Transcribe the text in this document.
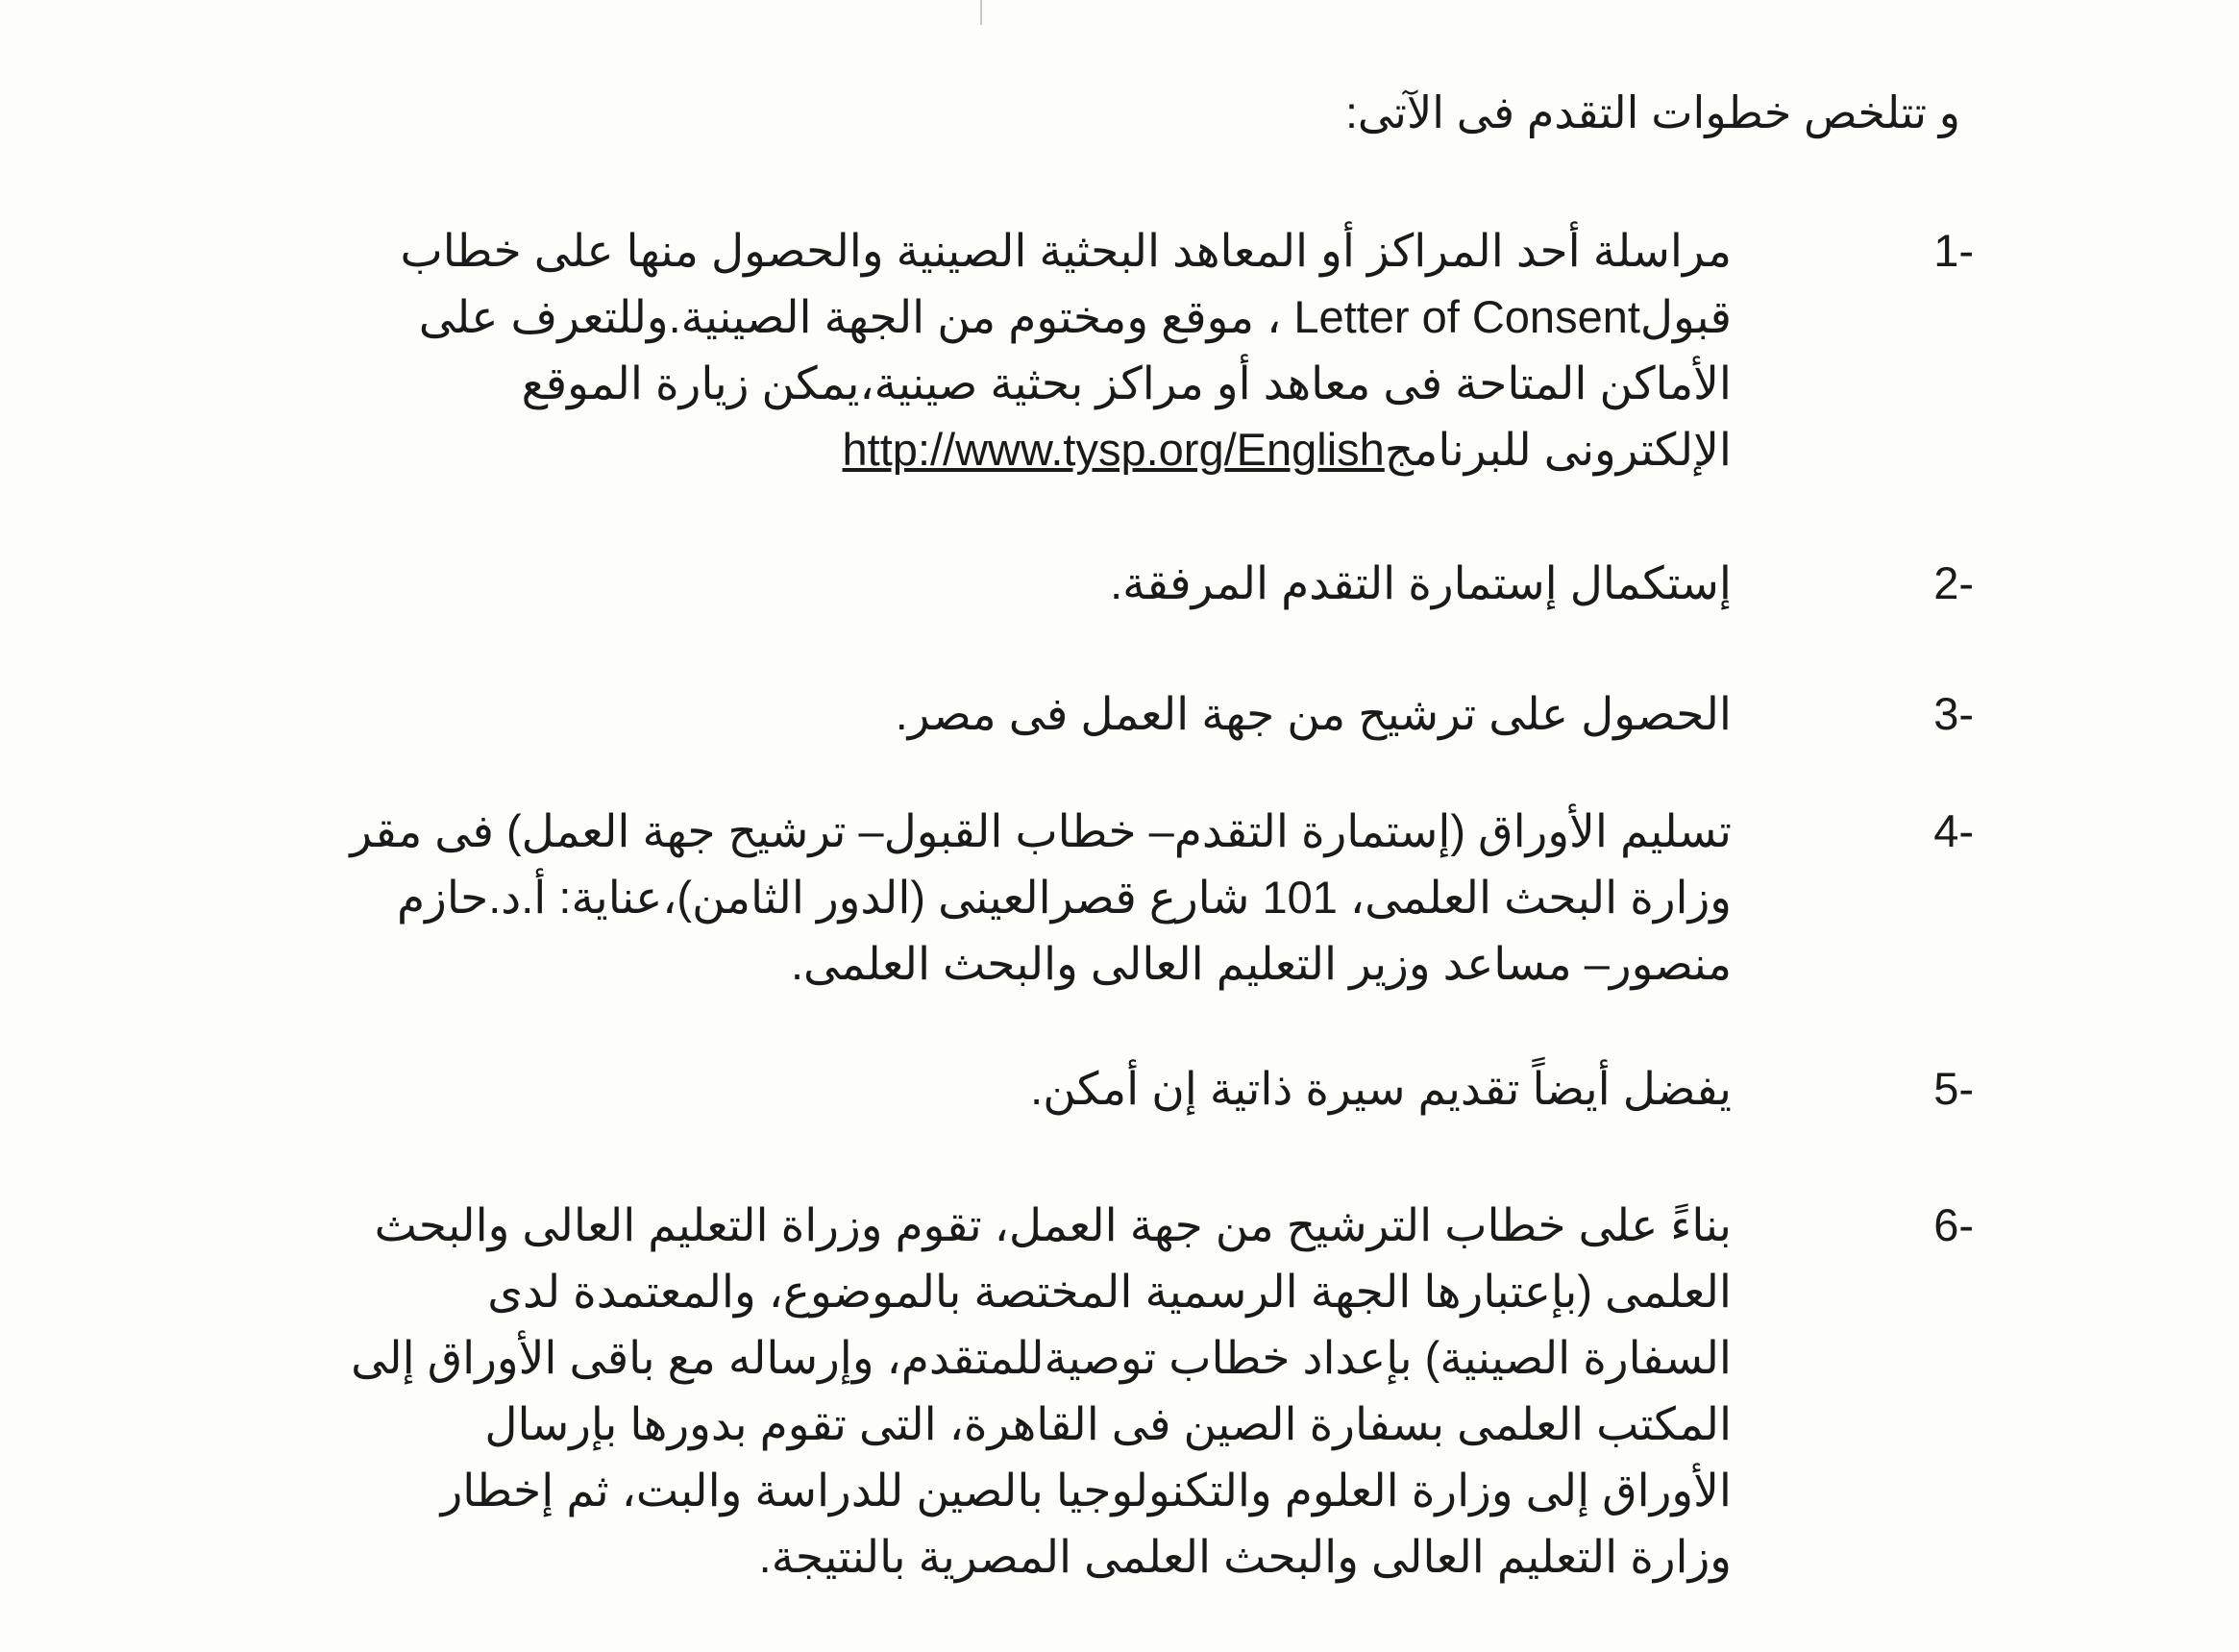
و تتلخص خطوات التقدم فى الآتى:
1-

مراسلة أحد المراكز أو المعاهد البحثية الصينية والحصول منها على خطاب قبولLetter of Consent ، موقع ومختوم من الجهة الصينية.وللتعرف على الأماكن المتاحة فى معاهد أو مراكز بحثية صينية،يمكن زيارة الموقع الإلكترونى للبرنامجhttp://www.tysp.org/English

2-

إستكمال إستمارة التقدم المرفقة.

3-

الحصول على ترشيح من جهة العمل فى مصر.

4-

تسليم الأوراق (إستمارة التقدم– خطاب القبول– ترشيح جهة العمل) فى مقر وزارة البحث العلمى، 101 شارع قصرالعينى (الدور الثامن)،عناية: أ.د.حازم منصور– مساعد وزير التعليم العالى والبحث العلمى.

5-

يفضل أيضاً تقديم سيرة ذاتية إن أمكن.

6-

بناءً على خطاب الترشيح من جهة العمل، تقوم وزراة التعليم العالى والبحث العلمى (بإعتبارها الجهة الرسمية المختصة بالموضوع، والمعتمدة لدى السفارة الصينية) بإعداد خطاب توصيةللمتقدم، وإرساله مع باقى الأوراق إلى المكتب العلمى بسفارة الصين فى القاهرة، التى تقوم بدورها بإرسال الأوراق إلى وزارة العلوم والتكنولوجيا بالصين للدراسة والبت، ثم إخطار وزارة التعليم العالى والبحث العلمى المصرية بالنتيجة.
